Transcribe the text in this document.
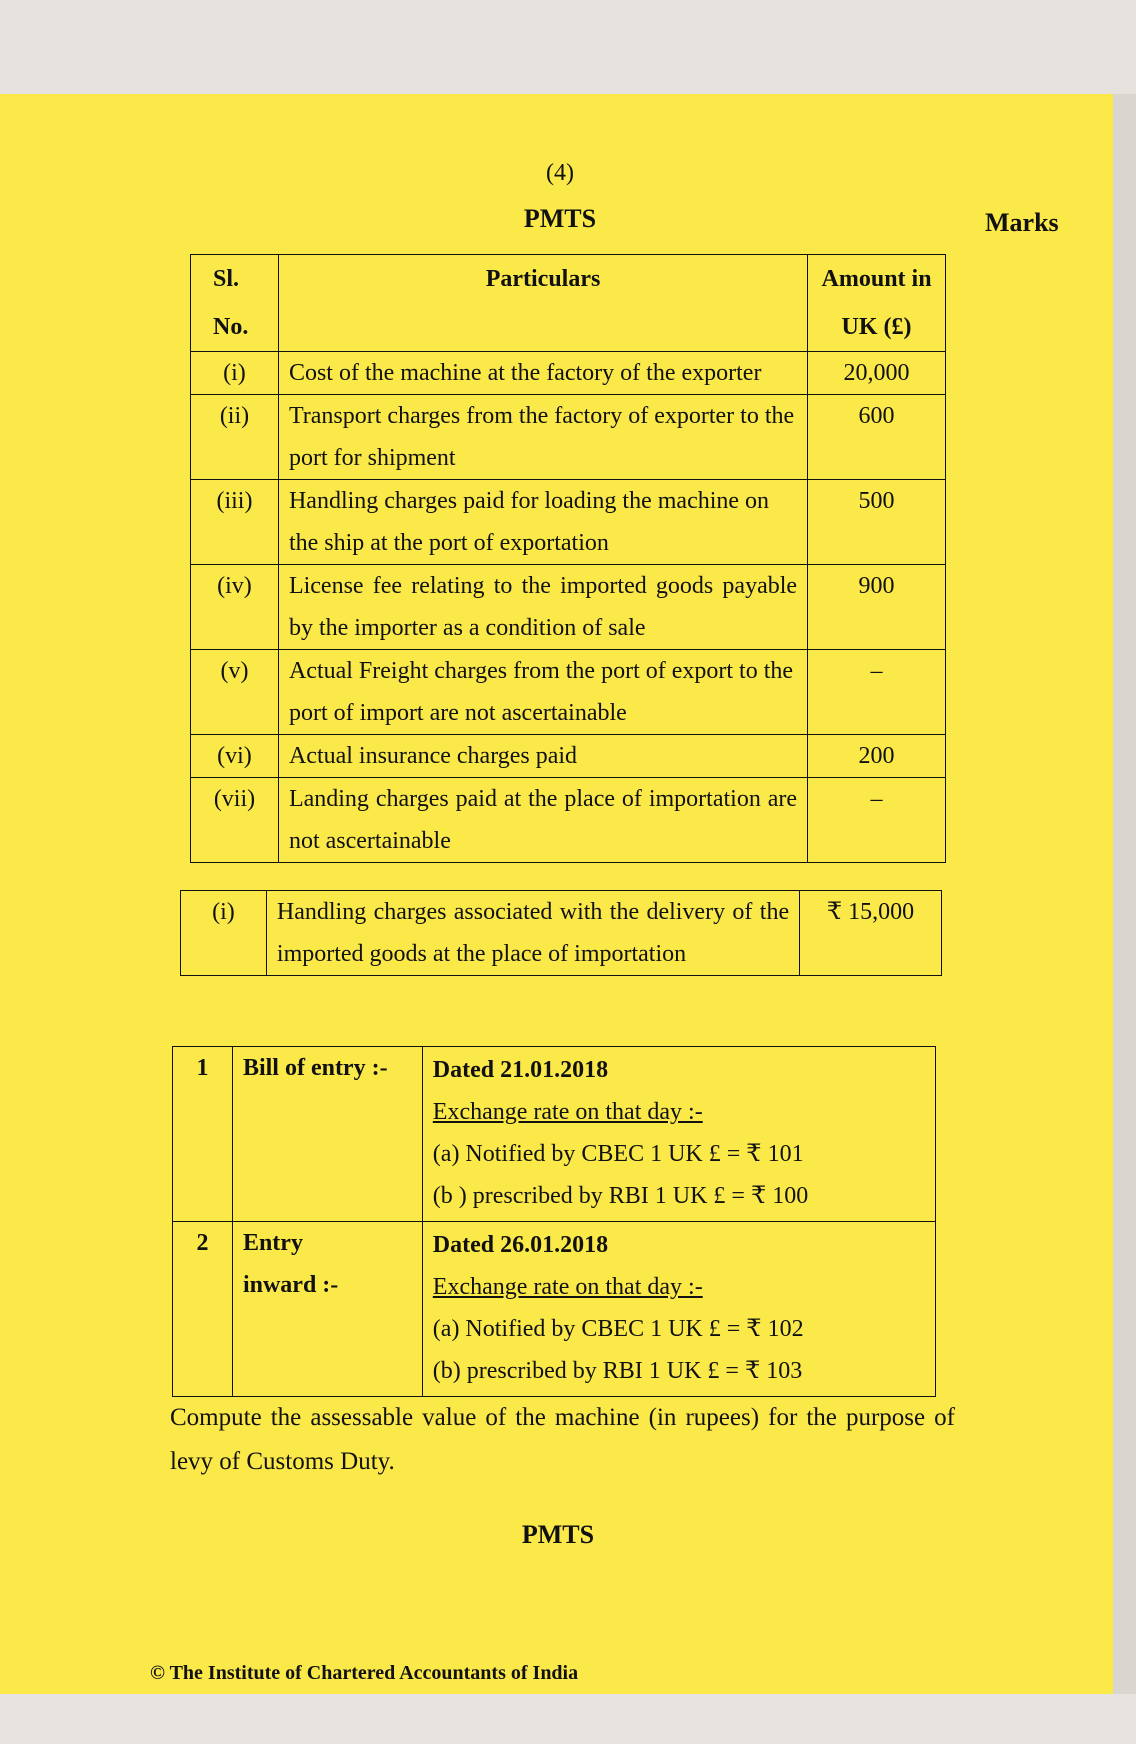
(4)
PMTS	Marks
Sl. No.	Particulars	Amount in UK (£)
(i)	Cost of the machine at the factory of the exporter	20,000
(ii)	Transport charges from the factory of exporter to the port for shipment	600
(iii)	Handling charges paid for loading the machine on the ship at the port of exportation	500
(iv)	License fee relating to the imported goods payable by the importer as a condition of sale	900
(v)	Actual Freight charges from the port of export to the port of import are not ascertainable	–
(vi)	Actual insurance charges paid	200
(vii)	Landing charges paid at the place of importation are not ascertainable	–
(i)	Handling charges associated with the delivery of the imported goods at the place of importation	₹ 15,000
1	Bill of entry :-	Dated 21.01.2018
Exchange rate on that day :-
(a) Notified by CBEC 1 UK £ = ₹ 101
(b ) prescribed by RBI 1 UK £ = ₹ 100

2	Entry inward :-	Dated 26.01.2018
Exchange rate on that day :-
(a) Notified by CBEC 1 UK £ = ₹ 102
(b) prescribed by RBI 1 UK £ = ₹ 103
Compute the assessable value of the machine (in rupees) for the purpose of levy of Customs Duty.
PMTS
© The Institute of Chartered Accountants of India
